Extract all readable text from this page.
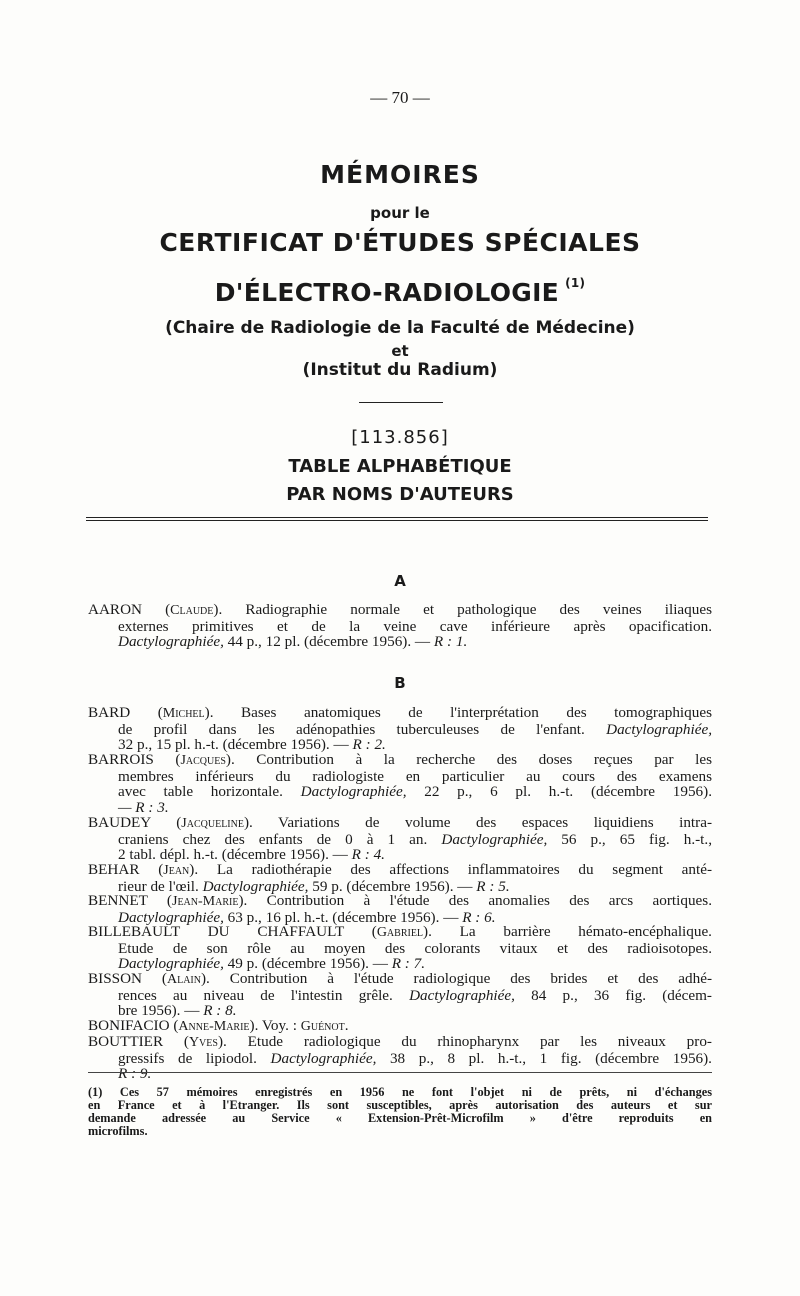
— 70 —
MÉMOIRES
pour le
CERTIFICAT D'ÉTUDES SPÉCIALES
D'ÉLECTRO-RADIOLOGIE $^{(1)}$
(Chaire de Radiologie de la Faculté de Médecine)
et
(Institut du Radium)
[113.856]
TABLE ALPHABÉTIQUE
PAR NOMS D'AUTEURS
A
AARON (Claude). Radiographie normale et pathologique des veines iliaques
externes primitives et de la veine cave inférieure après opacification.
Dactylographiée, 44 p., 12 pl. (décembre 1956). — R : 1.
B
BARD (Michel). Bases anatomiques de l'interprétation des tomographiques
de profil dans les adénopathies tuberculeuses de l'enfant. Dactylographiée,
32 p., 15 pl. h.-t. (décembre 1956). — R : 2.
BARROIS (Jacques). Contribution à la recherche des doses reçues par les
membres inférieurs du radiologiste en particulier au cours des examens
avec table horizontale. Dactylographiée, 22 p., 6 pl. h.-t. (décembre 1956).
— R : 3.
BAUDEY (Jacqueline). Variations de volume des espaces liquidiens intra-
craniens chez des enfants de 0 à 1 an. Dactylographiée, 56 p., 65 fig. h.-t.,
2 tabl. dépl. h.-t. (décembre 1956). — R : 4.
BEHAR (Jean). La radiothérapie des affections inflammatoires du segment anté-
rieur de l'œil. Dactylographiée, 59 p. (décembre 1956). — R : 5.
BENNET (Jean-Marie). Contribution à l'étude des anomalies des arcs aortiques.
Dactylographiée, 63 p., 16 pl. h.-t. (décembre 1956). — R : 6.
BILLEBAULT DU CHAFFAULT (Gabriel). La barrière hémato-encéphalique.
Etude de son rôle au moyen des colorants vitaux et des radioisotopes.
Dactylographiée, 49 p. (décembre 1956). — R : 7.
BISSON (Alain). Contribution à l'étude radiologique des brides et des adhé-
rences au niveau de l'intestin grêle. Dactylographiée, 84 p., 36 fig. (décem-
bre 1956). — R : 8.
BONIFACIO (Anne-Marie). Voy. : Guénot.
BOUTTIER (Yves). Etude radiologique du rhinopharynx par les niveaux pro-
gressifs de lipiodol. Dactylographiée, 38 p., 8 pl. h.-t., 1 fig. (décembre 1956).
R : 9.
(1) Ces 57 mémoires enregistrés en 1956 ne font l'objet ni de prêts, ni d'échanges
en France et à l'Etranger. Ils sont susceptibles, après autorisation des auteurs et sur
demande adressée au Service « Extension-Prêt-Microfilm » d'être reproduits en
microfilms.
